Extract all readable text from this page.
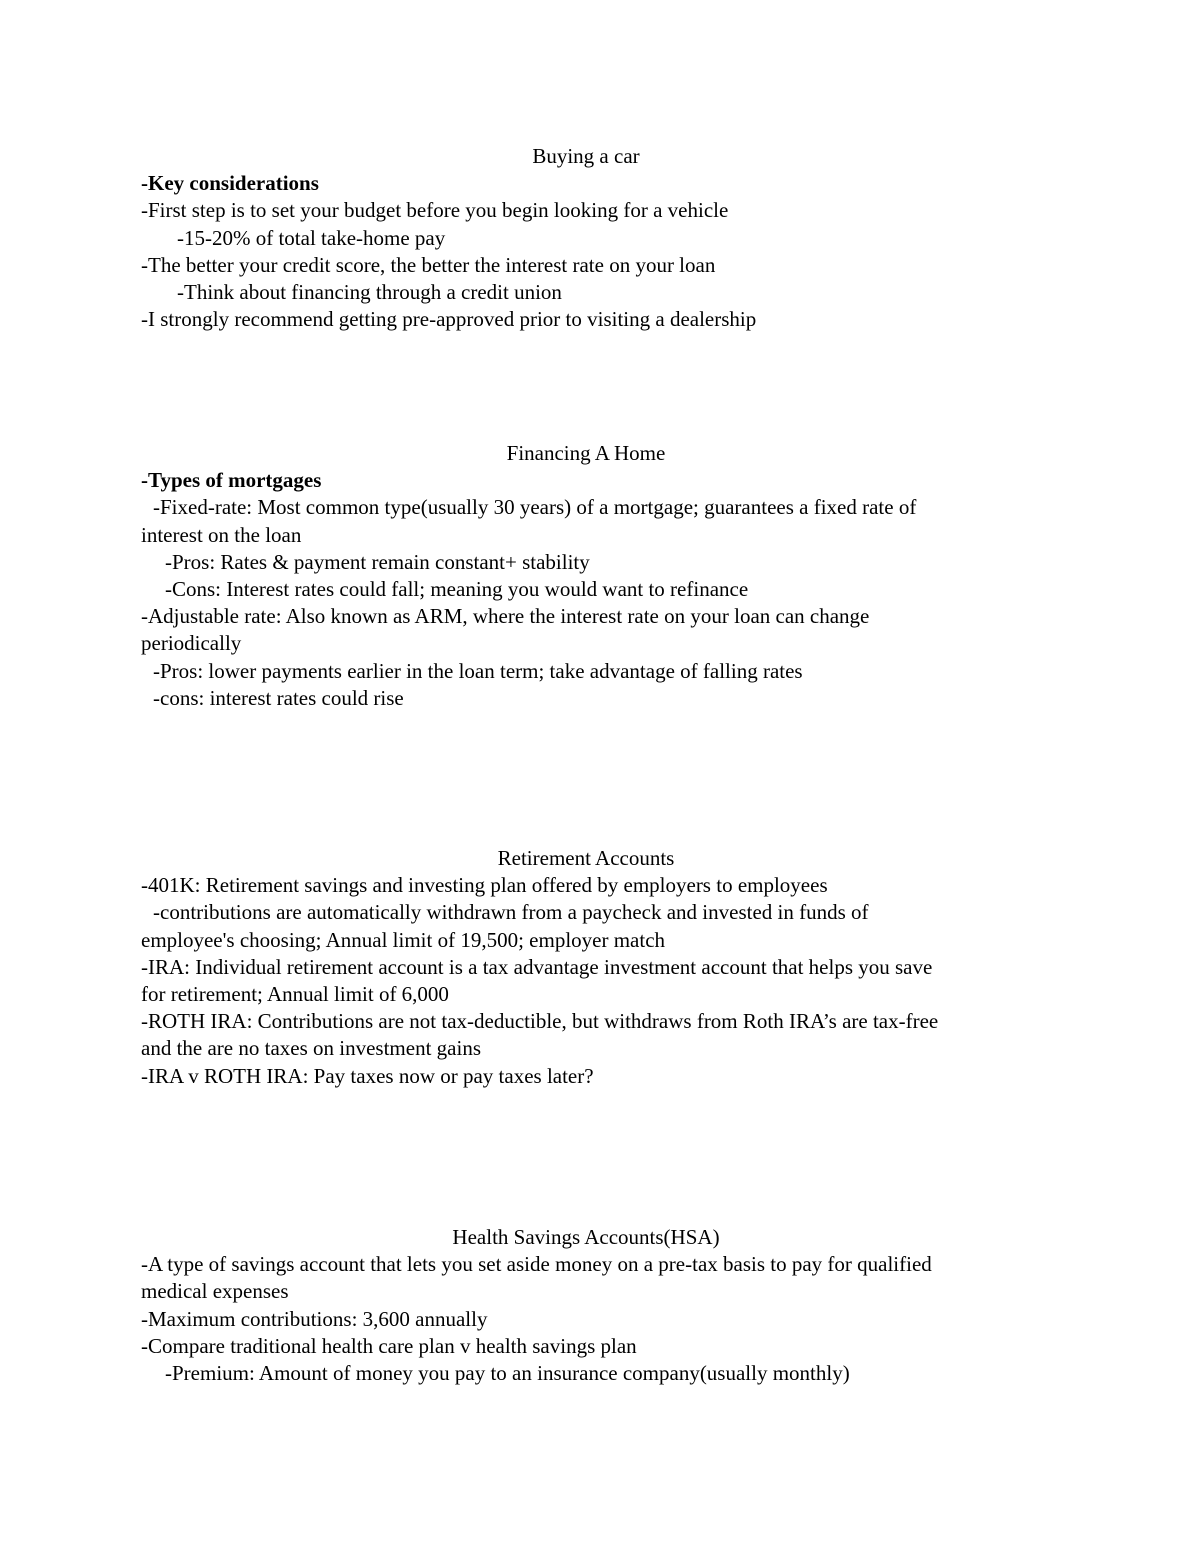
Buying a car
-Key considerations
-First step is to set your budget before you begin looking for a vehicle
-15-20% of total take-home pay
-The better your credit score, the better the interest rate on your loan
-Think about financing through a credit union
-I strongly recommend getting pre-approved prior to visiting a dealership
Financing A Home
-Types of mortgages
-Fixed-rate: Most common type(usually 30 years) of a mortgage; guarantees a fixed rate of
interest on the loan
-Pros: Rates & payment remain constant+ stability
-Cons: Interest rates could fall; meaning you would want to refinance
-Adjustable rate: Also known as ARM, where the interest rate on your loan can change
periodically
-Pros: lower payments earlier in the loan term; take advantage of falling rates
-cons: interest rates could rise
Retirement Accounts
-401K: Retirement savings and investing plan offered by employers to employees
-contributions are automatically withdrawn from a paycheck and invested in funds of
employee's choosing; Annual limit of 19,500; employer match
-IRA: Individual retirement account is a tax advantage investment account that helps you save
for retirement; Annual limit of 6,000
-ROTH IRA: Contributions are not tax-deductible, but withdraws from Roth IRA’s are tax-free
and the are no taxes on investment gains
-IRA v ROTH IRA: Pay taxes now or pay taxes later?
Health Savings Accounts(HSA)
-A type of savings account that lets you set aside money on a pre-tax basis to pay for qualified
medical expenses
-Maximum contributions: 3,600 annually
-Compare traditional health care plan v health savings plan
-Premium: Amount of money you pay to an insurance company(usually monthly)
